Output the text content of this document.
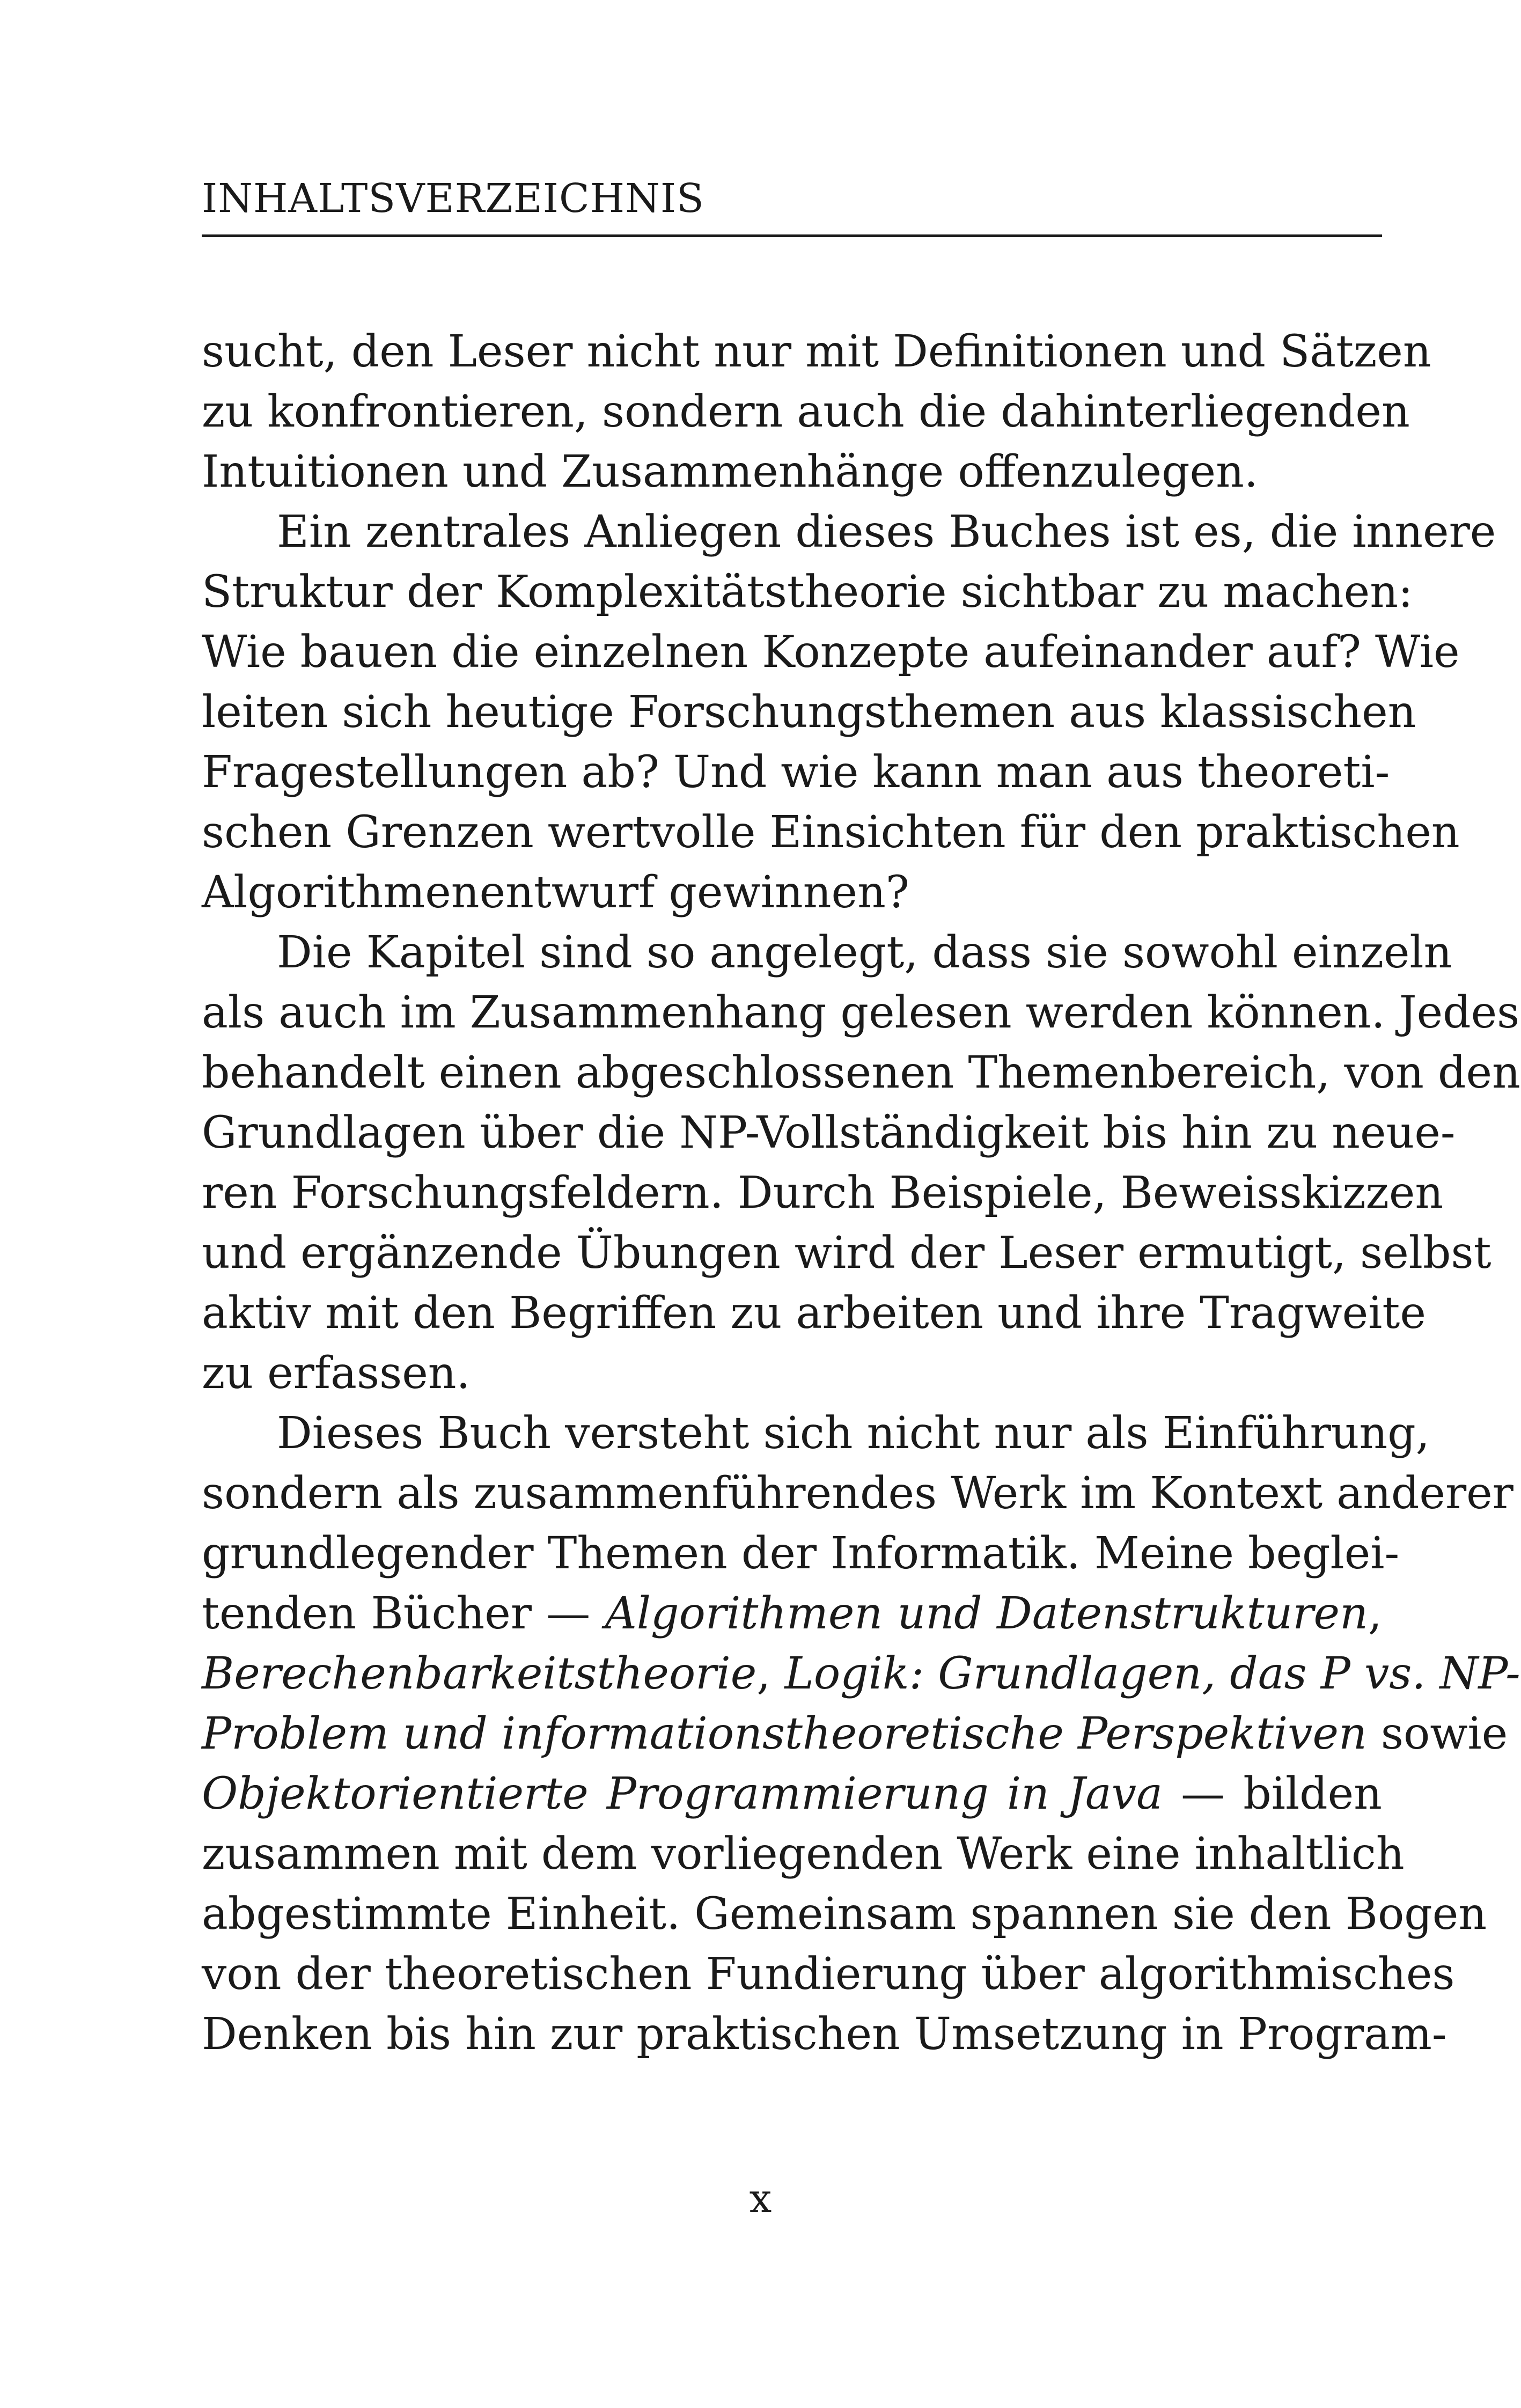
INHALTSVERZEICHNIS
sucht, den Leser nicht nur mit Definitionen und Sätzen
zu konfrontieren, sondern auch die dahinterliegenden
Intuitionen und Zusammenhänge offenzulegen.
Ein zentrales Anliegen dieses Buches ist es, die innere
Struktur der Komplexitätstheorie sichtbar zu machen:
Wie bauen die einzelnen Konzepte aufeinander auf? Wie
leiten sich heutige Forschungsthemen aus klassischen
Fragestellungen ab? Und wie kann man aus theoreti-
schen Grenzen wertvolle Einsichten für den praktischen
Algorithmenentwurf gewinnen?
Die Kapitel sind so angelegt, dass sie sowohl einzeln
als auch im Zusammenhang gelesen werden können. Jedes
behandelt einen abgeschlossenen Themenbereich, von den
Grundlagen über die NP-Vollständigkeit bis hin zu neue-
ren Forschungsfeldern. Durch Beispiele, Beweisskizzen
und ergänzende Übungen wird der Leser ermutigt, selbst
aktiv mit den Begriffen zu arbeiten und ihre Tragweite
zu erfassen.
Dieses Buch versteht sich nicht nur als Einführung,
sondern als zusammenführendes Werk im Kontext anderer
grundlegender Themen der Informatik. Meine beglei-
tenden Bücher — Algorithmen und Datenstrukturen,
Berechenbarkeitstheorie, Logik: Grundlagen, das P vs. NP-
Problem und informationstheoretische Perspektiven sowie
Objektorientierte Programmierung in Java — bilden
zusammen mit dem vorliegenden Werk eine inhaltlich
abgestimmte Einheit. Gemeinsam spannen sie den Bogen
von der theoretischen Fundierung über algorithmisches
Denken bis hin zur praktischen Umsetzung in Program-
x
